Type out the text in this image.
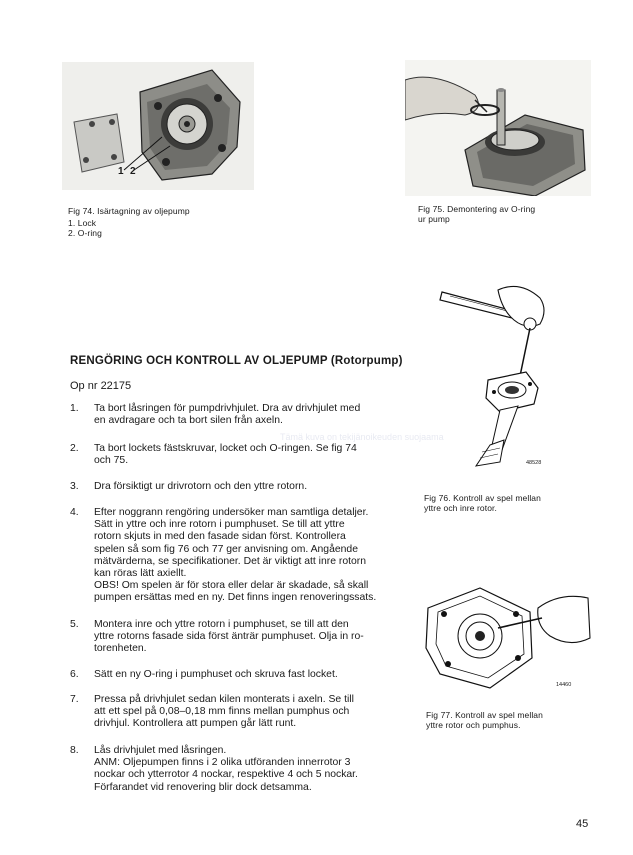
1 2
Fig 74. Isärtagning av oljepump
1. Lock
2. O-ring
Fig 75. Demontering av O-ring
ur pump
48528
Fig 76. Kontroll av spel mellan
yttre och inre rotor.
14460
Fig 77. Kontroll av spel mellan
yttre rotor och pumphus.
RENGÖRING OCH KONTROLL AV OLJEPUMP (Rotorpump)
Op nr 22175
1. Ta bort låsringen för pumpdrivhjulet. Dra av drivhjulet med
en avdragare och ta bort silen från axeln.
2. Ta bort lockets fästskruvar, locket och O-ringen. Se fig 74
och 75.
3. Dra försiktigt ur drivrotorn och den yttre rotorn.
4. Efter noggrann rengöring undersöker man samtliga detaljer.
Sätt in yttre och inre rotorn i pumphuset. Se till att yttre
rotorn skjuts in med den fasade sidan först. Kontrollera
spelen så som fig 76 och 77 ger anvisning om. Angående
mätvärderna, se specifikationer. Det är viktigt att inre rotorn
kan röras lätt axiellt.
OBS! Om spelen är för stora eller delar är skadade, så skall
pumpen ersättas med en ny. Det finns ingen renoveringssats.
5. Montera inre och yttre rotorn i pumphuset, se till att den
yttre rotorns fasade sida först änträr pumphuset. Olja in ro-
torenheten.
6. Sätt en ny O-ring i pumphuset och skruva fast locket.
7. Pressa på drivhjulet sedan kilen monterats i axeln. Se till
att ett spel på 0,08–0,18 mm finns mellan pumphus och
drivhjul. Kontrollera att pumpen går lätt runt.
8. Lås drivhjulet med låsringen.
ANM: Oljepumpen finns i 2 olika utföranden innerrotor 3
nockar och ytterrotor 4 nockar, respektive 4 och 5 nockar.
Förfarandet vid renovering blir dock detsamma.
Tämä kuva on tekijänoikeuden suojaama
45
